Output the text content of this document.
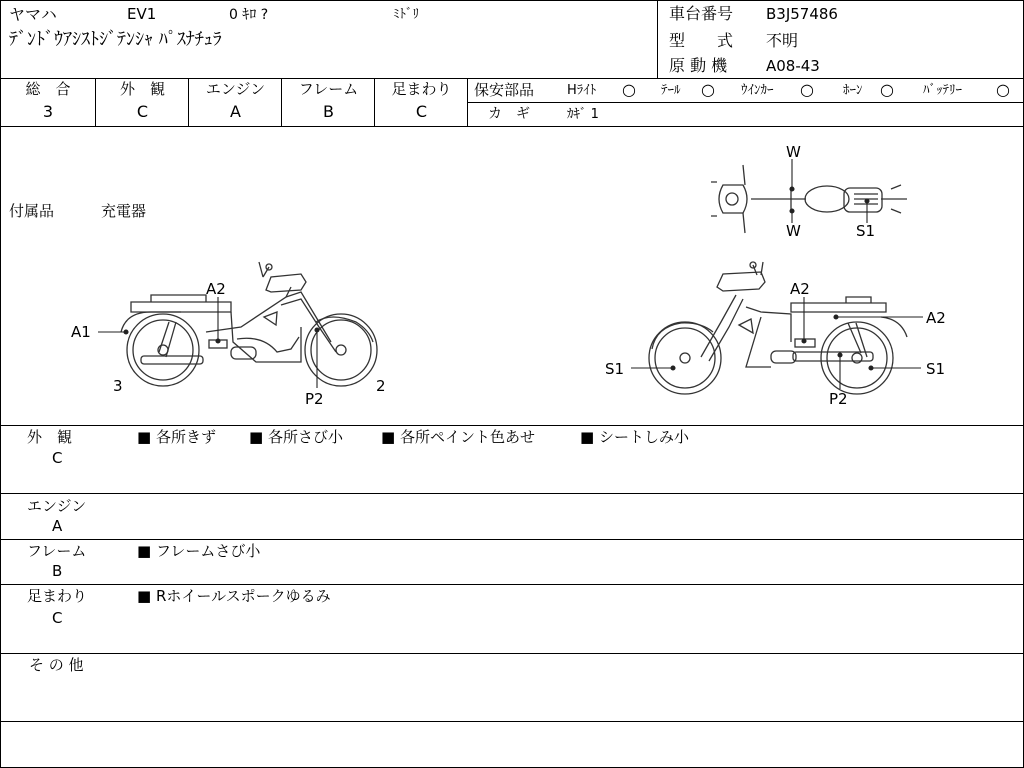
ヤマハ	EV1	0 ｷﾛ ?	ﾐﾄﾞﾘ
ﾃﾞﾝﾄﾞｳｱｼｽﾄｼﾞﾃﾝｼｬ ﾊﾟｽﾅﾁｭﾗ
車台番号 B3J57486
型　　式 不明
原 動 機	A08-43
総　合
3
外　観
C
エンジン
A
フレーム
B
足まわり
C
保安部品	Hﾗｲﾄ ○ ﾃｰﾙ ○ ｳｲﾝｶｰ ○ ﾎｰﾝ ○ ﾊﾞｯﾃﾘｰ ○
カ　ギ	ｶｷﾞ 1
付属品	充電器
A1
A2
P2
3	2
A2
A2
S1	S1
P2
W
W	S1
外　観
C
■ 各所きず ■ 各所さび小	■ 各所ペイント色あせ	■ シートしみ小
エンジン
A
フレーム
B
■ フレームさび小
足まわり
C
■ Rホイールスポークゆるみ
そ の 他
